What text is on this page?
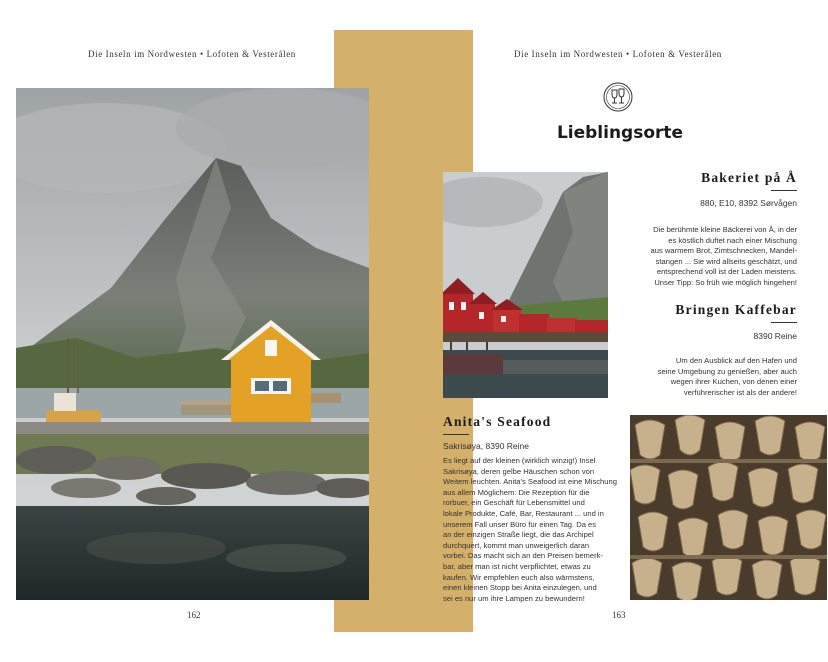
Die Inseln im Nordwesten • Lofoten & Vesterålen
162
Die Inseln im Nordwesten • Lofoten & Vesterålen
Lieblingsorte
Bakeriet på Å
880, E10, 8392 Sørvågen
Die berühmte kleine Bäckerei von Å, in der
es köstlich duftet nach einer Mischung
aus warmem Brot, Zimtschnecken, Mandel-
stangen ... Sie wird allseits geschätzt, und
entsprechend voll ist der Laden meistens.
Unser Tipp: So früh wie möglich hingehen!
Bringen Kaffebar
8390 Reine
Um den Ausblick auf den Hafen und
seine Umgebung zu genießen, aber auch
wegen ihrer Kuchen, von denen einer
verführerischer ist als der andere!
Anita's Seafood
Sakrisøya, 8390 Reine
Es liegt auf der kleinen (wirklich winzig!) Insel
Sakrisøya, deren gelbe Häuschen schon von
Weitem leuchten. Anita's Seafood ist eine Mischung
aus allem Möglichem: Die Rezeption für die
rorbuer, ein Geschäft für Lebensmittel und
lokale Produkte, Café, Bar, Restaurant ... und in
unserem Fall unser Büro für einen Tag. Da es
an der einzigen Straße liegt, die das Archipel
durchquert, kommt man unweigerlich daran
vorbei. Das macht sich an den Preisen bemerk-
bar, aber man ist nicht verpflichtet, etwas zu
kaufen. Wir empfehlen euch also wärmstens,
einen kleinen Stopp bei Anita einzulegen, und
sei es nur um ihre Lampen zu bewundern!
163
